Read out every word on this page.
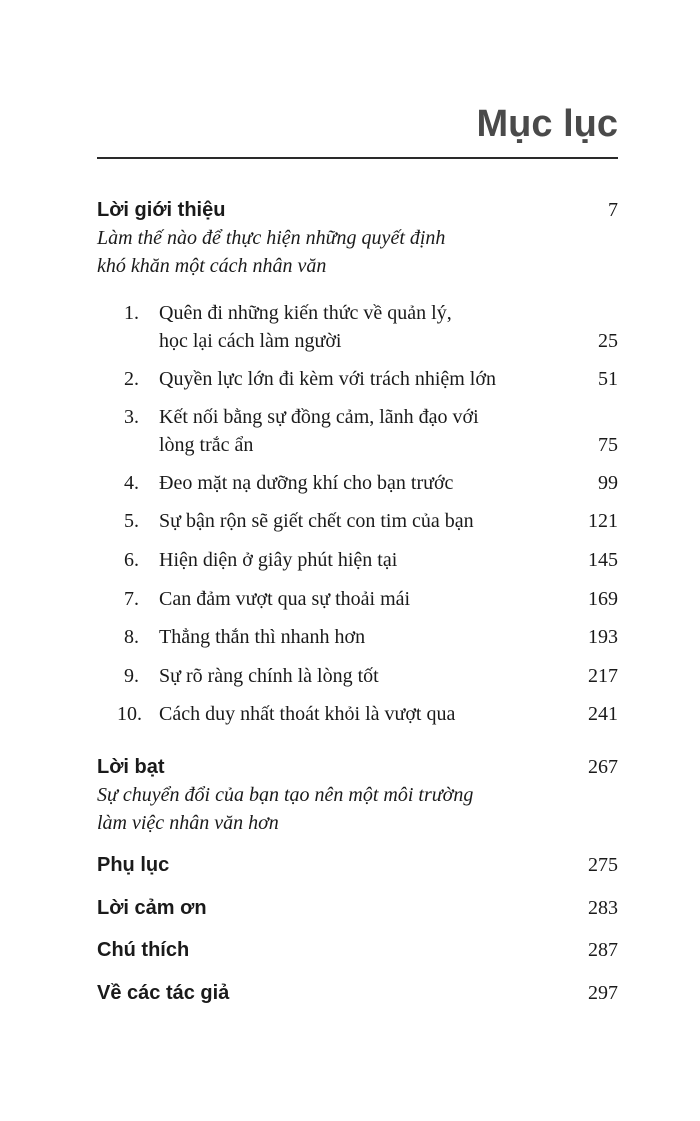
Mục lục
Lời giới thiệu	7
Làm thế nào để thực hiện những quyết định
khó khăn một cách nhân văn
1.	Quên đi những kiến thức về quản lý,
học lại cách làm người	25
2.	Quyền lực lớn đi kèm với trách nhiệm lớn	51
3.	Kết nối bằng sự đồng cảm, lãnh đạo với
lòng trắc ẩn	75
4.	Đeo mặt nạ dưỡng khí cho bạn trước	99
5.	Sự bận rộn sẽ giết chết con tim của bạn	121
6.	Hiện diện ở giây phút hiện tại	145
7.	Can đảm vượt qua sự thoải mái	169
8.	Thẳng thắn thì nhanh hơn	193
9.	Sự rõ ràng chính là lòng tốt	217
10. Cách duy nhất thoát khỏi là vượt qua	241
Lời bạt	267
Sự chuyển đổi của bạn tạo nên một môi trường
làm việc nhân văn hơn
Phụ lục	275
Lời cảm ơn	283
Chú thích	287
Về các tác giả	297
